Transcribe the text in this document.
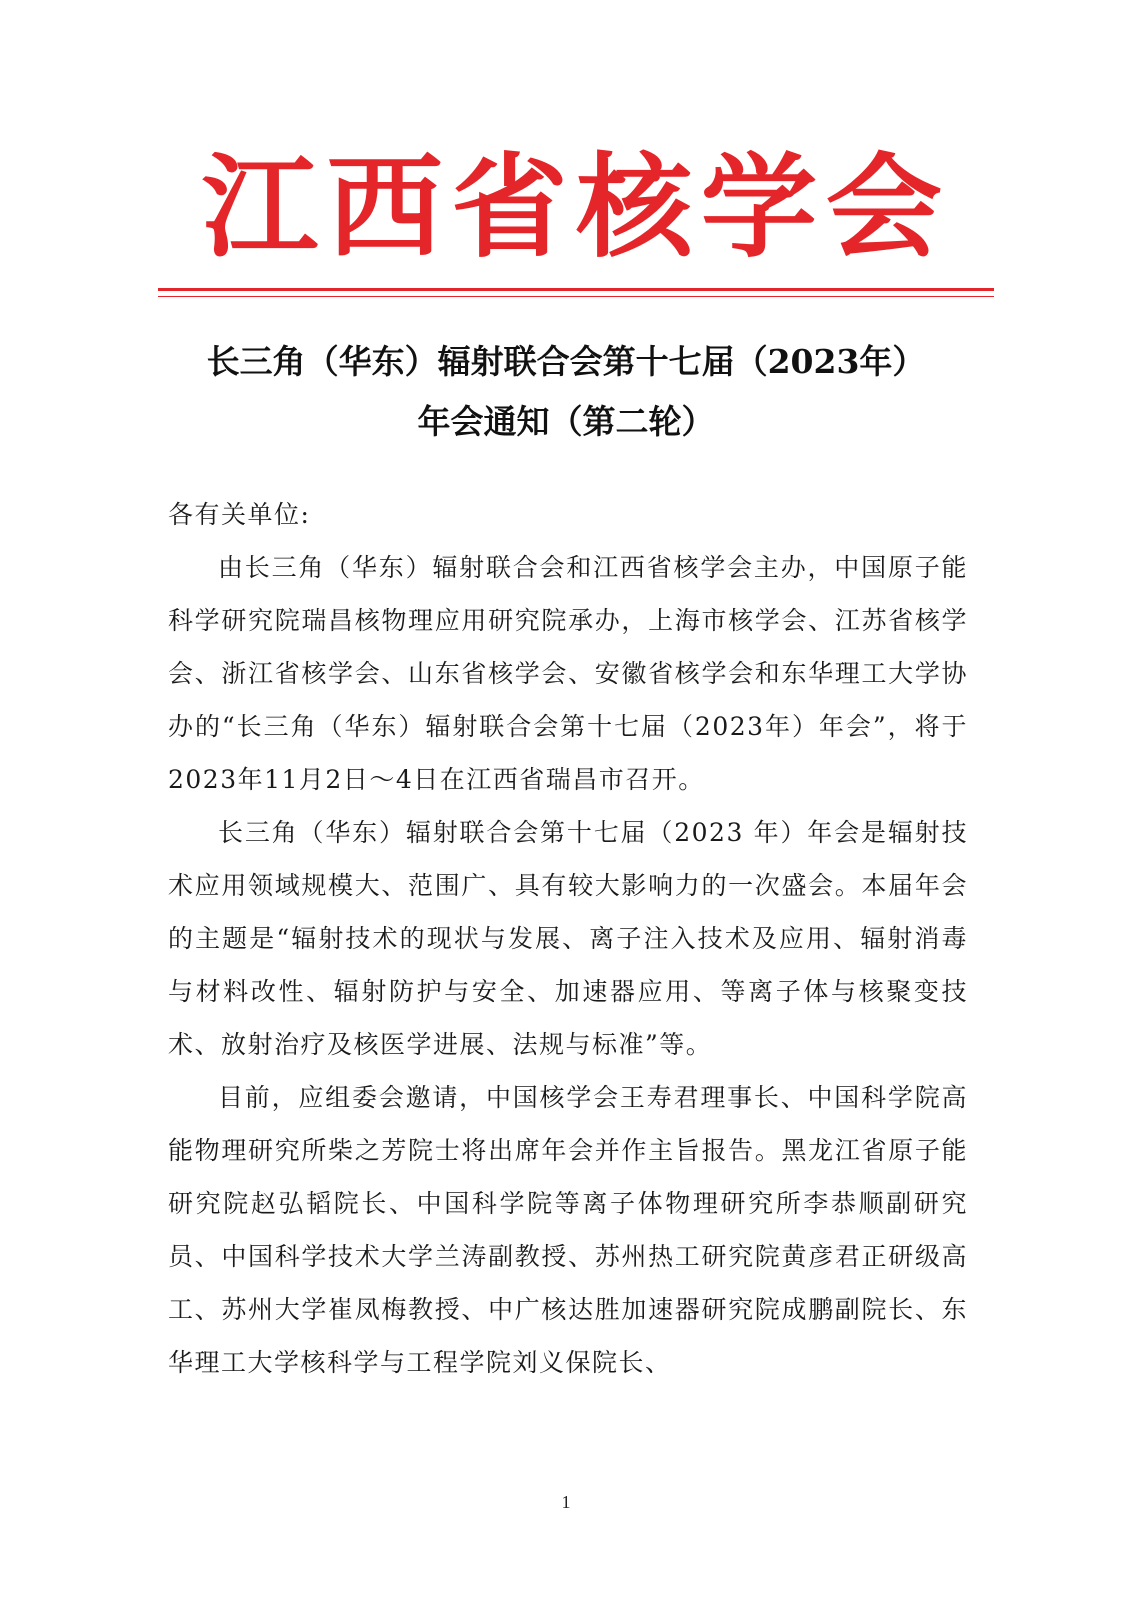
江西省核学会
长三角（华东）辐射联合会第十七届（2023年）
年会通知（第二轮）

各有关单位:

由长三角（华东）辐射联合会和江西省核学会主办，中国原子能科学研究院瑞昌核物理应用研究院承办，上海市核学会、江苏省核学会、浙江省核学会、山东省核学会、安徽省核学会和东华理工大学协办的“长三角（华东）辐射联合会第十七届（2023年）年会”，将于 2023年11月2日～4日在江西省瑞昌市召开。

长三角（华东）辐射联合会第十七届（2023 年）年会是辐射技术应用领域规模大、范围广、具有较大影响力的一次盛会。本届年会的主题是“辐射技术的现状与发展、离子注入技术及应用、辐射消毒与材料改性、辐射防护与安全、加速器应用、等离子体与核聚变技术、放射治疗及核医学进展、法规与标准”等。

目前，应组委会邀请，中国核学会王寿君理事长、中国科学院高能物理研究所柴之芳院士将出席年会并作主旨报告。黑龙江省原子能研究院赵弘韬院长、中国科学院等离子体物理研究所李恭顺副研究员、中国科学技术大学兰涛副教授、苏州热工研究院黄彦君正研级高工、苏州大学崔凤梅教授、中广核达胜加速器研究院成鹏副院长、东华理工大学核科学与工程学院刘义保院长、

1
